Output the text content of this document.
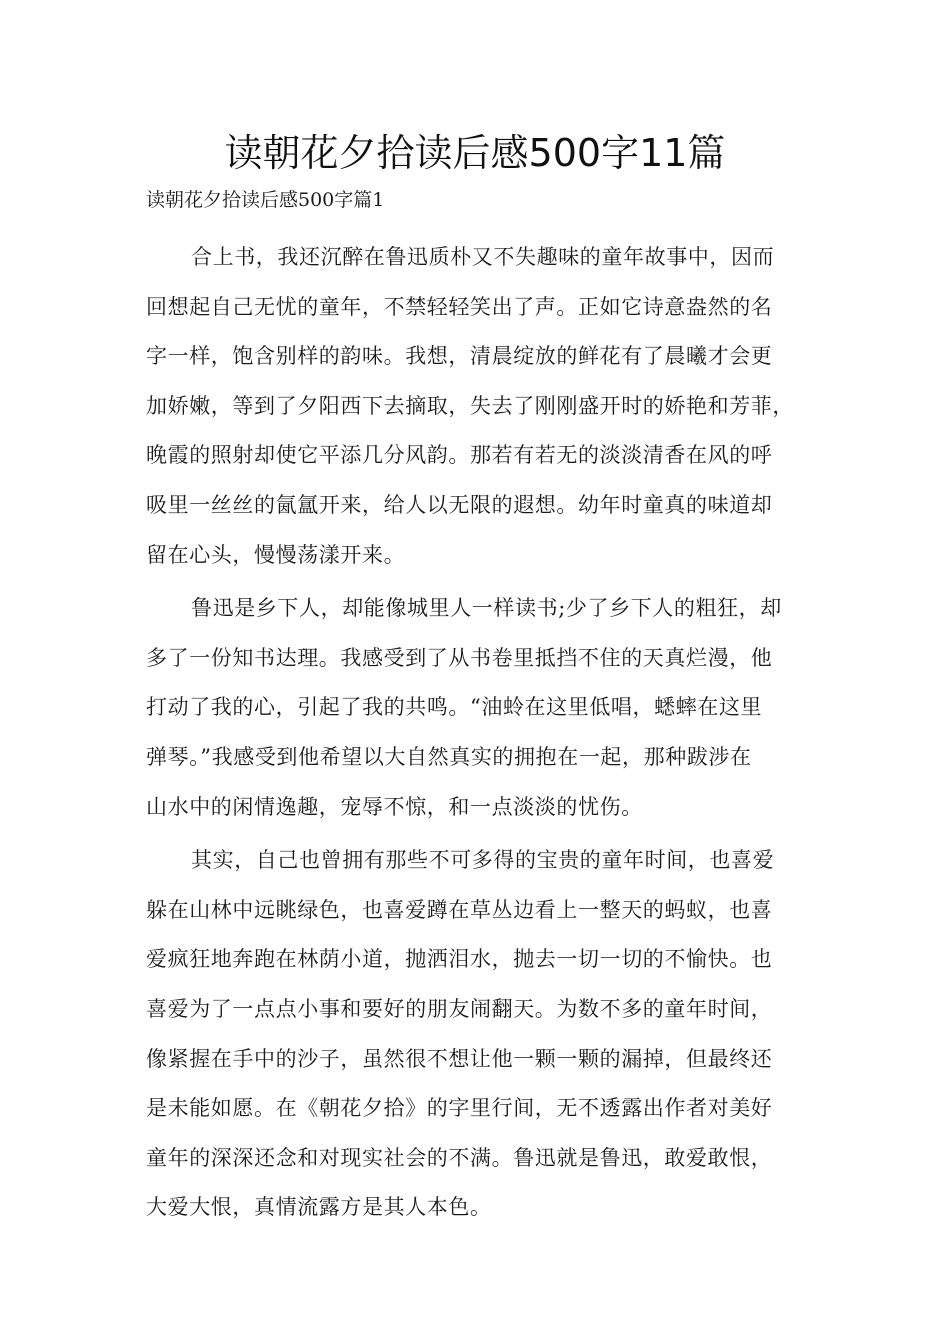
读朝花夕拾读后感500字11篇
读朝花夕拾读后感500字篇1
合上书，我还沉醉在鲁迅质朴又不失趣味的童年故事中，因而
回想起自己无忧的童年，不禁轻轻笑出了声。正如它诗意盎然的名
字一样，饱含别样的韵味。我想，清晨绽放的鲜花有了晨曦才会更
加娇嫩，等到了夕阳西下去摘取，失去了刚刚盛开时的娇艳和芳菲，
晚霞的照射却使它平添几分风韵。那若有若无的淡淡清香在风的呼
吸里一丝丝的氤氲开来，给人以无限的遐想。幼年时童真的味道却
留在心头，慢慢荡漾开来。
鲁迅是乡下人，却能像城里人一样读书;少了乡下人的粗狂，却
多了一份知书达理。我感受到了从书卷里抵挡不住的天真烂漫，他
打动了我的心，引起了我的共鸣。“油蛉在这里低唱，蟋蟀在这里
弹琴。”我感受到他希望以大自然真实的拥抱在一起，那种跋涉在
山水中的闲情逸趣，宠辱不惊，和一点淡淡的忧伤。
其实，自己也曾拥有那些不可多得的宝贵的童年时间，也喜爱
躲在山林中远眺绿色，也喜爱蹲在草丛边看上一整天的蚂蚁，也喜
爱疯狂地奔跑在林荫小道，抛洒泪水，抛去一切一切的不愉快。也
喜爱为了一点点小事和要好的朋友闹翻天。为数不多的童年时间，
像紧握在手中的沙子，虽然很不想让他一颗一颗的漏掉，但最终还
是未能如愿。在《朝花夕拾》的字里行间，无不透露出作者对美好
童年的深深还念和对现实社会的不满。鲁迅就是鲁迅，敢爱敢恨，
大爱大恨，真情流露方是其人本色。
